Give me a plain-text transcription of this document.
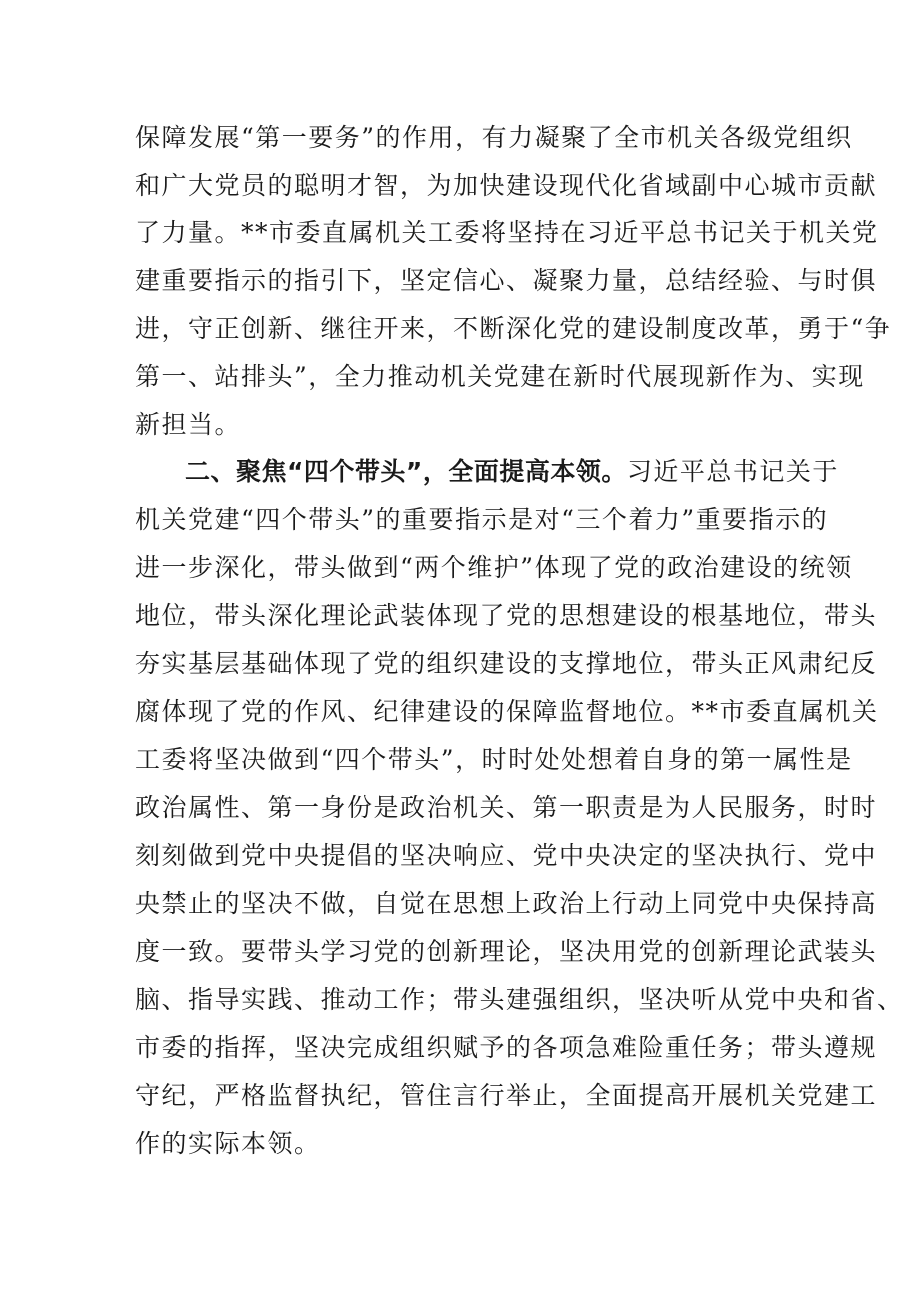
保障发展“第一要务”的作用，有力凝聚了全市机关各级党组织
和广大党员的聪明才智，为加快建设现代化省域副中心城市贡献
了力量。**市委直属机关工委将坚持在习近平总书记关于机关党
建重要指示的指引下，坚定信心、凝聚力量，总结经验、与时俱
进，守正创新、继往开来，不断深化党的建设制度改革，勇于“争
第一、站排头”，全力推动机关党建在新时代展现新作为、实现
新担当。
二、聚焦“四个带头”，全面提高本领。习近平总书记关于
机关党建“四个带头”的重要指示是对“三个着力”重要指示的
进一步深化，带头做到“两个维护”体现了党的政治建设的统领
地位，带头深化理论武装体现了党的思想建设的根基地位，带头
夯实基层基础体现了党的组织建设的支撑地位，带头正风肃纪反
腐体现了党的作风、纪律建设的保障监督地位。**市委直属机关
工委将坚决做到“四个带头”，时时处处想着自身的第一属性是
政治属性、第一身份是政治机关、第一职责是为人民服务，时时
刻刻做到党中央提倡的坚决响应、党中央决定的坚决执行、党中
央禁止的坚决不做，自觉在思想上政治上行动上同党中央保持高
度一致。要带头学习党的创新理论，坚决用党的创新理论武装头
脑、指导实践、推动工作；带头建强组织，坚决听从党中央和省、
市委的指挥，坚决完成组织赋予的各项急难险重任务；带头遵规
守纪，严格监督执纪，管住言行举止，全面提高开展机关党建工
作的实际本领。
